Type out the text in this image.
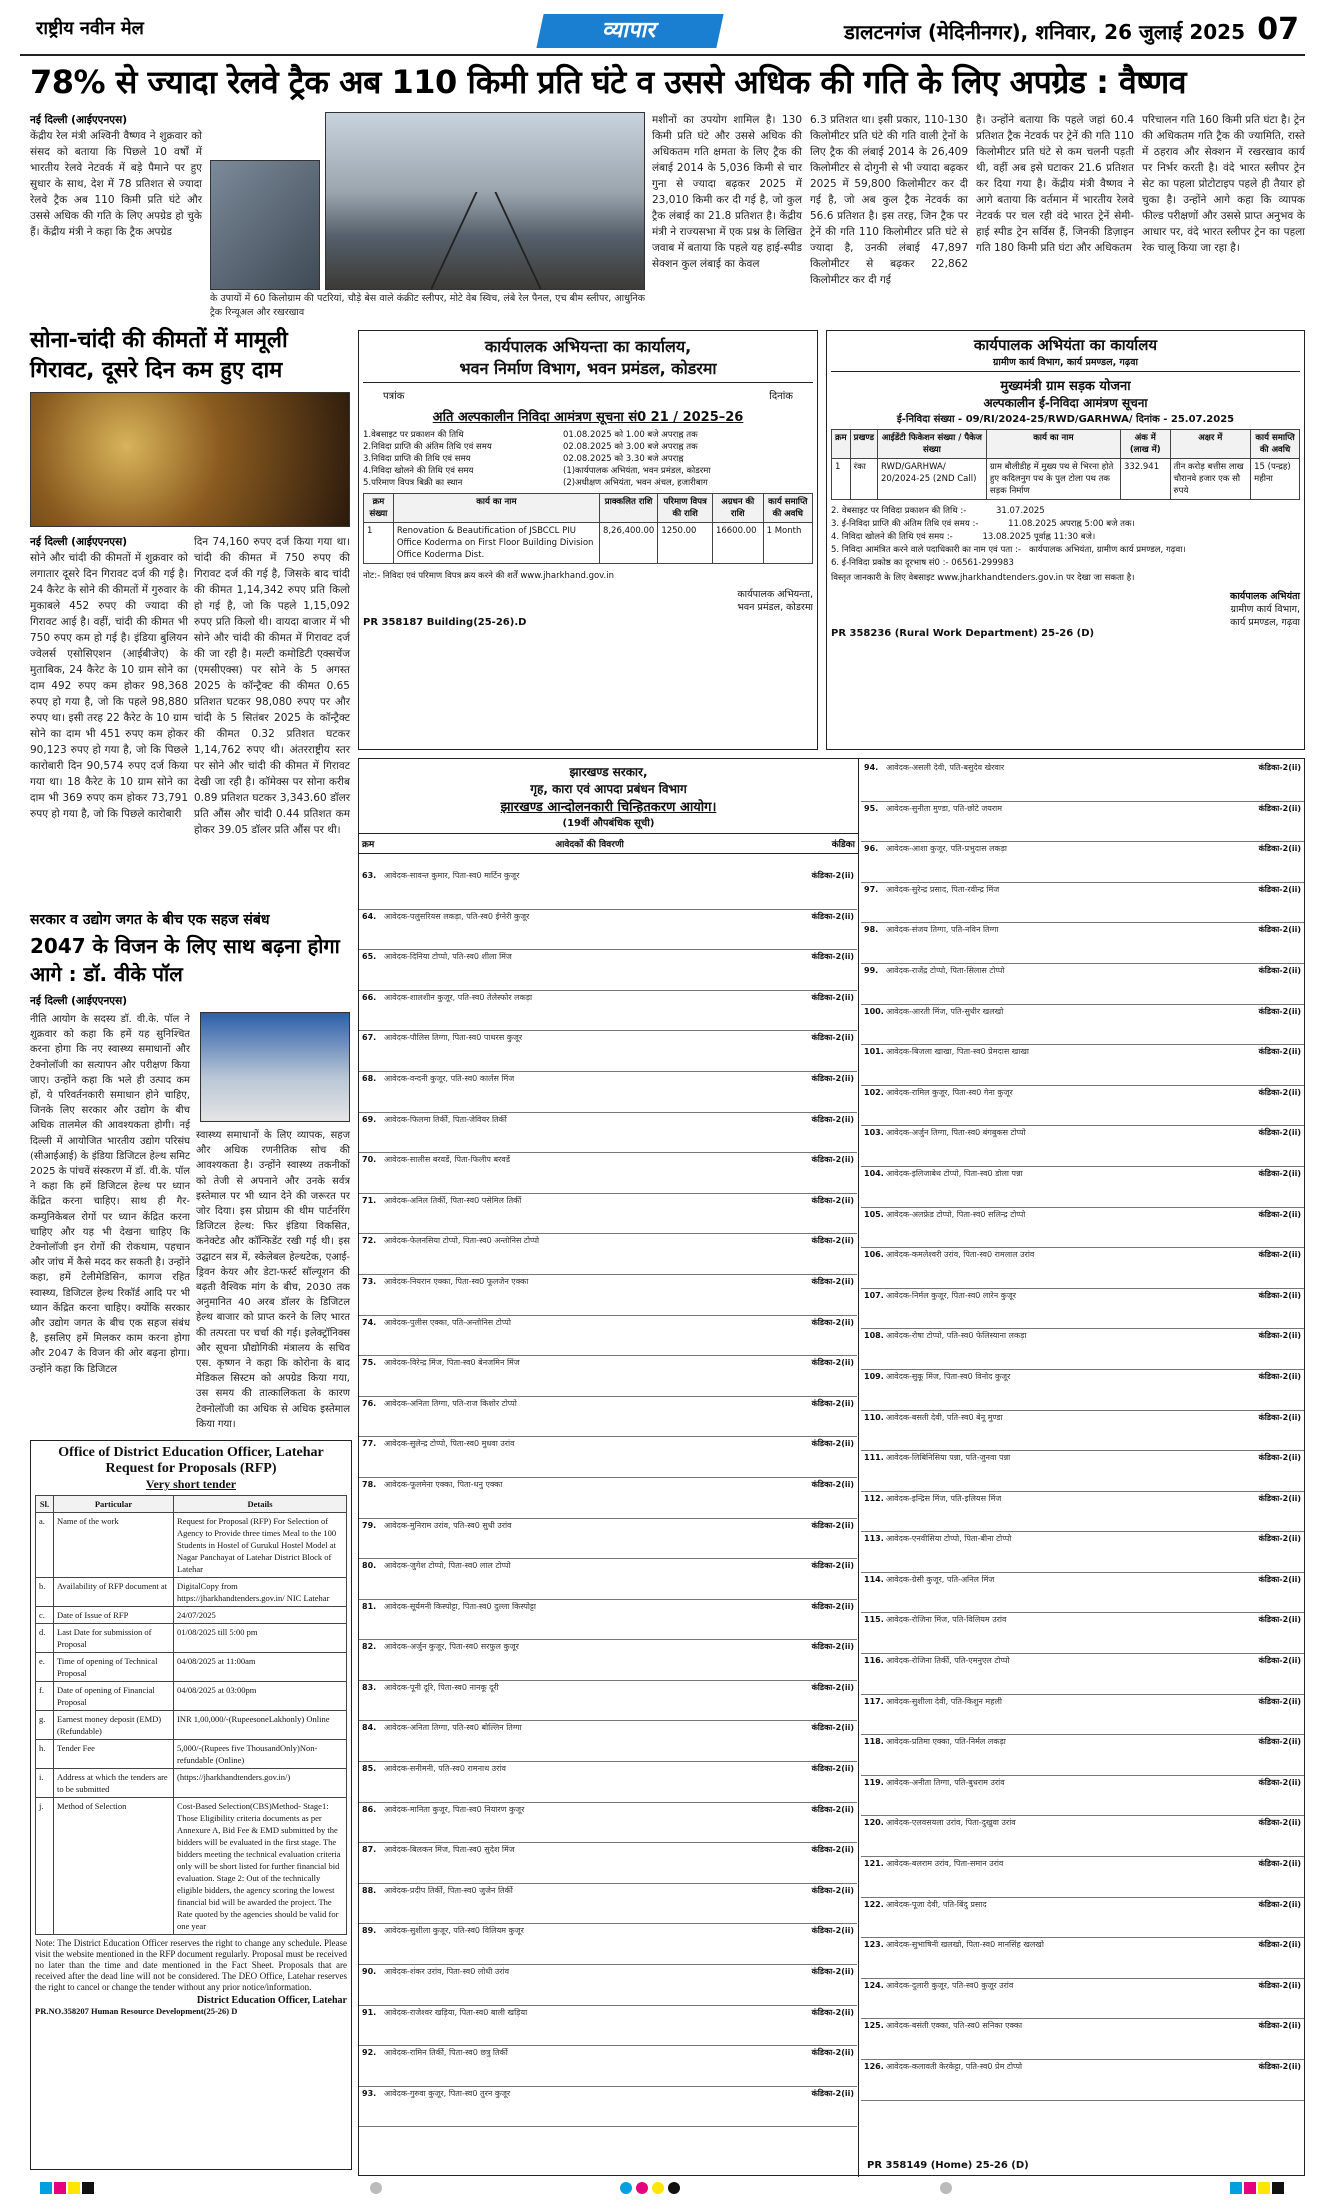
राष्ट्रीय नवीन मेल	व्यापार	डालटनगंज (मेदिनीनगर), शनिवार, 26 जुलाई 2025 07
78% से ज्यादा रेलवे ट्रैक अब 110 किमी प्रति घंटे व उससे अधिक की गति के लिए अपग्रेड : वैष्णव
नई दिल्ली (आईएएनएस)
केंद्रीय रेल मंत्री अश्विनी वैष्णव ने शुक्रवार को संसद को बताया कि पिछले 10 वर्षों में भारतीय रेलवे नेटवर्क में बड़े पैमाने पर हुए सुधार के साथ, देश में 78 प्रतिशत से ज्यादा रेलवे ट्रैक अब 110 किमी प्रति घंटे और उससे अधिक की गति के लिए अपग्रेड हो चुके हैं। केंद्रीय मंत्री ने कहा कि ट्रैक अपग्रेड
के उपायों में 60 किलोग्राम की पटरियां, चौड़े बेस वाले कंक्रीट स्लीपर, मोटे वेब स्विच, लंबे रेल पैनल, एच बीम स्लीपर, आधुनिक ट्रैक रिन्यूअल और रखरखाव
मशीनों का उपयोग शामिल है। 130 किमी प्रति घंटे और उससे अधिक की अधिकतम गति क्षमता के लिए ट्रैक की लंबाई 2014 के 5,036 किमी से चार गुना से ज्यादा बढ़कर 2025 में 23,010 किमी कर दी गई है, जो कुल ट्रैक लंबाई का 21.8 प्रतिशत है। केंद्रीय मंत्री ने राज्यसभा में एक प्रश्न के लिखित जवाब में बताया कि पहले यह हाई-स्पीड सेक्शन कुल लंबाई का केवल
6.3 प्रतिशत था। इसी प्रकार, 110-130 किलोमीटर प्रति घंटे की गति वाली ट्रेनों के लिए ट्रैक की लंबाई 2014 के 26,409 किलोमीटर से दोगुनी से भी ज्यादा बढ़कर 2025 में 59,800 किलोमीटर कर दी गई है, जो अब कुल ट्रैक नेटवर्क का 56.6 प्रतिशत है। इस तरह, जिन ट्रैक पर ट्रेनें की गति 110 किलोमीटर प्रति घंटे से ज्यादा है, उनकी लंबाई 47,897 किलोमीटर से बढ़कर 22,862 किलोमीटर कर दी गई
है। उन्होंने बताया कि पहले जहां 60.4 प्रतिशत ट्रैक नेटवर्क पर ट्रेनें की गति 110 किलोमीटर प्रति घंटे से कम चलनी पड़ती थी, वहीं अब इसे घटाकर 21.6 प्रतिशत कर दिया गया है। केंद्रीय मंत्री वैष्णव ने आगे बताया कि वर्तमान में भारतीय रेलवे नेटवर्क पर चल रही वंदे भारत ट्रेनें सेमी-हाई स्पीड ट्रेन सर्विस हैं, जिनकी डिज़ाइन गति 180 किमी प्रति घंटा और अधिकतम
परिचालन गति 160 किमी प्रति घंटा है। ट्रेन की अधिकतम गति ट्रैक की ज्यामिति, रास्ते में ठहराव और सेक्शन में रखरखाव कार्य पर निर्भर करती है। वंदे भारत स्लीपर ट्रेन सेट का पहला प्रोटोटाइप पहले ही तैयार हो चुका है। उन्होंने आगे कहा कि व्यापक फील्ड परीक्षणों और उससे प्राप्त अनुभव के आधार पर, वंदे भारत स्लीपर ट्रेन का पहला रेक चालू किया जा रहा है।
सोना-चांदी की कीमतों में मामूली गिरावट, दूसरे दिन कम हुए दाम
नई दिल्ली (आईएएनएस)
सोने और चांदी की कीमतों में शुक्रवार को लगातार दूसरे दिन गिरावट दर्ज की गई है। 24 कैरेट के सोने की कीमतों में गुरुवार के मुकाबले 452 रुपए की ज्यादा की गिरावट आई है। वहीं, चांदी की कीमत भी 750 रुपए कम हो गई है। इंडिया बुलियन ज्वेलर्स एसोसिएशन (आईबीजेए) के मुताबिक, 24 कैरेट के 10 ग्राम सोने का दाम 492 रुपए कम होकर 98,368 रुपए हो गया है, जो कि पहले 98,880 रुपए था। इसी तरह 22 कैरेट के 10 ग्राम सोने का दाम भी 451 रुपए कम होकर 90,123 रुपए हो गया है, जो कि पिछले कारोबारी दिन 90,574 रुपए दर्ज किया गया था। 18 कैरेट के 10 ग्राम सोने का दाम भी 369 रुपए कम होकर 73,791 रुपए हो गया है, जो कि पिछले कारोबारी
दिन 74,160 रुपए दर्ज किया गया था। चांदी की कीमत में 750 रुपए की गिरावट दर्ज की गई है, जिसके बाद चांदी की कीमत 1,14,342 रुपए प्रति किलो हो गई है, जो कि पहले 1,15,092 रुपए प्रति किलो थी। वायदा बाजार में भी सोने और चांदी की कीमत में गिरावट दर्ज की जा रही है। मल्टी कमोडिटी एक्सचेंज (एमसीएक्स) पर सोने के 5 अगस्त 2025 के कॉन्ट्रैक्ट की कीमत 0.65 प्रतिशत घटकर 98,080 रुपए पर और चांदी के 5 सितंबर 2025 के कॉन्ट्रैक्ट की कीमत 0.32 प्रतिशत घटकर 1,14,762 रुपए थी। अंतरराष्ट्रीय स्तर पर सोने और चांदी की कीमत में गिरावट देखी जा रही है। कॉमेक्स पर सोना करीब 0.89 प्रतिशत घटकर 3,343.60 डॉलर प्रति औंस और चांदी 0.44 प्रतिशत कम होकर 39.05 डॉलर प्रति औंस पर थी।
सरकार व उद्योग जगत के बीच एक सहज संबंध
2047 के विजन के लिए साथ बढ़ना होगा आगे : डॉ. वीके पॉल
नई दिल्ली (आईएएनएस)
नीति आयोग के सदस्य डॉ. वी.के. पॉल ने शुक्रवार को कहा कि हमें यह सुनिश्चित करना होगा कि नए स्वास्थ्य समाधानों और टेक्नोलॉजी का सत्यापन और परीक्षण किया जाए। उन्होंने कहा कि भले ही उत्पाद कम हों, ये परिवर्तनकारी समाधान होने चाहिए, जिनके लिए सरकार और उद्योग के बीच अधिक तालमेल की आवश्यकता होगी। नई दिल्ली में आयोजित भारतीय उद्योग परिसंघ (सीआईआई) के इंडिया डिजिटल हेल्थ समिट 2025 के पांचवें संस्करण में डॉ. वी.के. पॉल ने कहा कि हमें डिजिटल हेल्थ पर ध्यान केंद्रित करना चाहिए। साथ ही गैर-कम्युनिकेबल रोगों पर ध्यान केंद्रित करना चाहिए और यह भी देखना चाहिए कि टेक्नोलॉजी इन रोगों की रोकथाम, पहचान और जांच में कैसे मदद कर सकती है। उन्होंने कहा, हमें टेलीमेडिसिन, कागज रहित स्वास्थ्य, डिजिटल हेल्थ रिकॉर्ड आदि पर भी ध्यान केंद्रित करना चाहिए। क्योंकि सरकार और उद्योग जगत के बीच एक सहज संबंध है, इसलिए हमें मिलकर काम करना होगा और 2047 के विजन की ओर बढ़ना होगा। उन्होंने कहा कि डिजिटल
स्वास्थ्य समाधानों के लिए व्यापक, सहज और अधिक रणनीतिक सोच की आवश्यकता है। उन्होंने स्वास्थ्य तकनीकों को तेजी से अपनाने और उनके सर्वत्र इस्तेमाल पर भी ध्यान देने की जरूरत पर जोर दिया। इस प्रोग्राम की थीम पार्टनरिंग डिजिटल हेल्थ: फिर इंडिया विकसित, कनेक्टेड और कॉन्फिडेंट रखी गई थी। इस उद्घाटन सत्र में, स्केलेबल हेल्थटेक, एआई-ड्रिवन केयर और डेटा-फर्स्ट सॉल्यूशन की बढ़ती वैश्विक मांग के बीच, 2030 तक अनुमानित 40 अरब डॉलर के डिजिटल हेल्थ बाजार को प्राप्त करने के लिए भारत की तत्परता पर चर्चा की गई। इलेक्ट्रॉनिक्स और सूचना प्रौद्योगिकी मंत्रालय के सचिव एस. कृष्णन ने कहा कि कोरोना के बाद मेडिकल सिस्टम को अपग्रेड किया गया, उस समय की तात्कालिकता के कारण टेक्नोलॉजी का अधिक से अधिक इस्तेमाल किया गया।
Office of District Education Officer, Latehar
Request for Proposals (RFP)
Very short tender
Sl.	Particular	Details
a.	Name of the work	Request for Proposal (RFP) For Selection of Agency to Provide three times Meal to the 100 Students in Hostel of Gurukul Hostel Model at Nagar Panchayat of Latehar District Block of Latehar
b.	Availability of RFP document at	DigitalCopy from https://jharkhandtenders.gov.in/ NIC Latehar
c.	Date of Issue of RFP	24/07/2025
d.	Last Date for submission of Proposal	01/08/2025 till 5:00 pm
e.	Time of opening of Technical Proposal	04/08/2025 at 11:00am
f.	Date of opening of Financial Proposal	04/08/2025 at 03:00pm
g.	Earnest money deposit (EMD) (Refundable)	INR 1,00,000/-(RupeesoneLakhonly) Online
h.	Tender Fee	5,000/-(Rupees five ThousandOnly)Non-refundable (Online)
i.	Address at which the tenders are to be submitted	(https://jharkhandtenders.gov.in/)
j.	Method of Selection	Cost-Based Selection(CBS)Method- Stage1: Those Eligibility criteria documents as per Annexure A, Bid Fee & EMD submitted by the bidders will be evaluated in the first stage. The bidders meeting the technical evaluation criteria only will be short listed for further financial bid evaluation. Stage 2: Out of the technically eligible bidders, the agency scoring the lowest financial bid will be awarded the project. The Rate quoted by the agencies should be valid for one year
Note: The District Education Officer reserves the right to change any schedule. Please visit the website mentioned in the RFP document regularly. Proposal must be received no later than the time and date mentioned in the Fact Sheet. Proposals that are received after the dead line will not be considered. The DEO Office, Latehar reserves the right to cancel or change the tender without any prior notice/information.
District Education Officer, Latehar
PR.NO.358207 Human Resource Development(25-26) D
कार्यपालक अभियन्ता का कार्यालय,
भवन निर्माण विभाग, भवन प्रमंडल, कोडरमा
पत्रांक	दिनांक
अति अल्पकालीन निविदा आमंत्रण सूचना सं0 21 / 2025–26
1.वेबसाइट पर प्रकाशन की तिथि	01.08.2025 को 1.00 बजे अपराह्न तक
2.निविदा प्राप्ति की अंतिम तिथि एवं समय	02.08.2025 को 3.00 बजे अपराह्न तक
3.निविदा प्राप्ति की तिथि एवं समय	02.08.2025 को 3.30 बजे अपराह्न
4.निविदा खोलने की तिथि एवं समय	(1)कार्यपालक अभियंता, भवन प्रमंडल, कोडरमा
5.परिमाण विपत्र बिक्री का स्थान	(2)अधीक्षण अभियंता, भवन अंचल, हजारीबाग
क्रम संख्या	कार्य का नाम	प्राक्कलित राशि	परिमाण विपत्र की राशि	अग्रधन की राशि	कार्य समाप्ति की अवधि
1	Renovation & Beautification of JSBCCL PIU Office Koderma on First Floor Building Division Office Koderma Dist.	8,26,400.00	1250.00	16600.00	1 Month
नोट:- निविदा एवं परिमाण विपत्र क्रय करने की शर्तें www.jharkhand.gov.in
कार्यपालक अभियन्ता,
भवन प्रमंडल, कोडरमा
PR 358187 Building(25-26).D
कार्यपालक अभियंता का कार्यालय
ग्रामीण कार्य विभाग, कार्य प्रमण्डल, गढ़वा
मुख्यमंत्री ग्राम सड़क योजना
अल्पकालीन ई-निविदा आमंत्रण सूचना
ई-निविदा संख्या - 09/RI/2024-25/RWD/GARHWA/ दिनांक - 25.07.2025
क्रम	प्रखण्ड	आईडेंटी फिकेशन संख्या / पैकेज संख्या	कार्य का नाम	अंक में (लाख में)	अक्षर में	कार्य समाप्ति की अवधि
1	रंका	RWD/GARHWA/ 20/2024-25 (2ND Call)	ग्राम बौलीडीह में मुख्य पथ से भिरना होते हुए कदिलनुग पथ के पुल टोला पथ तक सड़क निर्माण	332.941	तीन करोड़ बत्तीस लाख चौरानवे हजार एक सौ रुपये	15 (पन्द्रह) महीना
2. वेबसाइट पर निविदा प्रकाशन की तिथि :-           31.07.2025
3. ई-निविदा प्राप्ति की अंतिम तिथि एवं समय :-           11.08.2025 अपराह्न 5:00 बजे तक।
4. निविदा खोलने की तिथि एवं समय :-           13.08.2025 पूर्वाह्न 11:30 बजे।
5. निविदा आमंत्रित करने वाले पदाधिकारी का नाम एवं पता :-   कार्यपालक अभियंता, ग्रामीण कार्य प्रमण्डल, गढ़वा।
6. ई-निविदा प्रकोष्ठ का दूरभाष सं0 :- 06561-299983
विस्तृत जानकारी के लिए वेबसाइट www.jharkhandtenders.gov.in पर देखा जा सकता है।
कार्यपालक अभियंता
ग्रामीण कार्य विभाग,
कार्य प्रमण्डल, गढ़वा
PR 358236 (Rural Work Department) 25-26 (D)
झारखण्ड सरकार,
गृह, कारा एवं आपदा प्रबंधन विभाग
झारखण्ड आन्दोलनकारी चिन्हितकरण आयोग।
(19वीं औपबंधिक सूची)
क्रम	आवेदकों की विवरणी	कंडिका
63. आवेदक-सावन्त कुमार, पिता-स्व0 मार्टिन कुजूर	कंडिका-2(ii)
64. आवेदक-पलुसरियस लकड़ा, पति-स्व0 ईग्नेरी कुजूर	कंडिका-2(ii)
65. आवेदक-दिनिया टोप्पो, पति-स्व0 शीला मिंज	कंडिका-2(ii)
66. आवेदक-शालशीन कुजूर, पति-स्व0 तेलेस्फोर लकड़ा	कंडिका-2(ii)
67. आवेदक-पौलिस तिग्गा, पिता-स्व0 पाथरस कुजूर	कंडिका-2(ii)
68. आवेदक-वन्दनी कुजूर, पति-स्व0 कार्लस मिंज	कंडिका-2(ii)
69. आवेदक-फिलमा तिर्की, पिता-जेवियर तिर्की	कंडिका-2(ii)
70. आवेदक-सालीस बरवर्डे, पिता-फिलीप बरवर्डे	कंडिका-2(ii)
71. आवेदक-अनिल तिर्की, पिता-स्व0 पसेमिल तिर्की	कंडिका-2(ii)
72. आवेदक-फेलनसिया टोप्पो, पिता-स्व0 अन्तोनिस टोप्पो	कंडिका-2(ii)
73. आवेदक-नियरान एक्का, पिता-स्व0 फूलजेन एक्का	कंडिका-2(ii)
74. आवेदक-पुलीस एक्का, पति-अन्तोनिस टोप्पो	कंडिका-2(ii)
75. आवेदक-विरेन्द्र मिंज, पिता-स्व0 बेनजमिन मिंज	कंडिका-2(ii)
76. आवेदक-अनिता तिग्गा, पति-राज किशोर टोप्पो	कंडिका-2(ii)
77. आवेदक-सुलेन्द्र टोप्पो, पिता-स्व0 मुधवा उरांव	कंडिका-2(ii)
78. आवेदक-फूलमेना एक्का, पिता-धनु एक्का	कंडिका-2(ii)
79. आवेदक-मुनिराम उरांव, पति-स्व0 सुधी उरांव	कंडिका-2(ii)
80. आवेदक-जुगेश टोप्पो, पिता-स्व0 लाल टोप्पो	कंडिका-2(ii)
81. आवेदक-सूर्यमनी किस्पोट्टा, पिता-स्व0 दुल्ला किस्पोट्टा	कंडिका-2(ii)
82. आवेदक-अर्जुन कुजूर, पिता-स्व0 सरफुल कुजूर	कंडिका-2(ii)
83. आवेदक-पूनी दूरि, पिता-स्व0 नानकू दूरी	कंडिका-2(ii)
84. आवेदक-अनिता तिग्गा, पति-स्व0 बोल्लिन तिग्गा	कंडिका-2(ii)
85. आवेदक-सनीमनी, पति-स्व0 रामनाथ उरांव	कंडिका-2(ii)
86. आवेदक-मानिता कुजूर, पिता-स्व0 नियारण कुजूर	कंडिका-2(ii)
87. आवेदक-बिलकन मिंज, पिता-स्व0 सुदेश मिंज	कंडिका-2(ii)
88. आवेदक-प्रदीप तिर्की, पिता-स्व0 जुजेन तिर्की	कंडिका-2(ii)
89. आवेदक-सुशीला कुजूर, पति-स्व0 विलियम कुजूर	कंडिका-2(ii)
90. आवेदक-शंकर उरांव, पिता-स्व0 लोधी उरांव	कंडिका-2(ii)
91. आवेदक-राजेश्वर खड़िया, पिता-स्व0 बाली खड़िया	कंडिका-2(ii)
92. आवेदक-रामिन तिर्की, पिता-स्व0 छत्रु तिर्की	कंडिका-2(ii)
93. आवेदक-गुरुवा कुजूर, पिता-स्व0 तुरन कुजूर	कंडिका-2(ii)
94. आवेदक-असली देवी, पति-बसुदेव खेरवार	कंडिका-2(ii)
95. आवेदक-सुनीता मुण्डा, पति-छोटे जयराम	कंडिका-2(ii)
96. आवेदक-आशा कुजूर, पति-प्रभुदास लकड़ा	कंडिका-2(ii)
97. आवेदक-सुरेन्द्र प्रसाद, पिता-रवीन्द्र मिंज	कंडिका-2(ii)
98. आवेदक-संजय तिग्गा, पति-नविन तिग्गा	कंडिका-2(ii)
99. आवेदक-राजेंद्र टोप्पो, पिता-सिलास टोप्पो	कंडिका-2(ii)
100. आवेदक-आरती मिंज, पति-सुधीर खलखो	कंडिका-2(ii)
101. आवेदक-बिजला खाखा, पिता-स्व0 प्रेमदास खाखा	कंडिका-2(ii)
102. आवेदक-रामिल कुजूर, पिता-स्व0 गेना कुजूर	कंडिका-2(ii)
103. आवेदक-अर्जुन तिग्गा, पिता-स्व0 बंगबुकस टोप्पो	कंडिका-2(ii)
104. आवेदक-इलिजाबेथ टोप्पो, पिता-स्व0 डोला पन्ना	कंडिका-2(ii)
105. आवेदक-अलफ्रेड टोप्पो, पिता-स्व0 सलिन्द्र टोप्पो	कंडिका-2(ii)
106. आवेदक-कमलेश्वरी उरांव, पिता-स्व0 रामलाल उरांव	कंडिका-2(ii)
107. आवेदक-निर्मल कुजूर, पिता-स्व0 लारेन कुजूर	कंडिका-2(ii)
108. आवेदक-रोषा टोप्पो, पति-स्व0 फेलिस्याना लकड़ा	कंडिका-2(ii)
109. आवेदक-सुकू मिंज, पिता-स्व0 विनोद कुजूर	कंडिका-2(ii)
110. आवेदक-बसती देवी, पति-स्व0 बेनू मुण्डा	कंडिका-2(ii)
111. आवेदक-लिबिनिसिया पन्ना, पति-जुनवा पन्ना	कंडिका-2(ii)
112. आवेदक-इन्द्रिस मिंज, पति-इलियस मिंज	कंडिका-2(ii)
113. आवेदक-एनवीसिया टोप्पो, पिता-बीना टोप्पो	कंडिका-2(ii)
114. आवेदक-ग्रेसी कुजूर, पति-अनिल मिंज	कंडिका-2(ii)
115. आवेदक-रोजिना मिंज, पति-विलियम उरांव	कंडिका-2(ii)
116. आवेदक-रोजिना तिर्की, पति-एमनुएल टोप्पो	कंडिका-2(ii)
117. आवेदक-सुशीला देवी, पति-किशुन महली	कंडिका-2(ii)
118. आवेदक-प्रतिमा एक्का, पति-निर्मल लकड़ा	कंडिका-2(ii)
119. आवेदक-अनीता तिग्गा, पति-बुधराम उरांव	कंडिका-2(ii)
120. आवेदक-एलवसयला उरांव, पिता-दुखुवा उरांव	कंडिका-2(ii)
121. आवेदक-बलराम उरांव, पिता-समान उरांव	कंडिका-2(ii)
122. आवेदक-पूजा देवी, पति-बिंदु प्रसाद	कंडिका-2(ii)
123. आवेदक-सुभाषिनी खलखो, पिता-स्व0 मानसिंह खलखो	कंडिका-2(ii)
124. आवेदक-दुलारी कुजूर, पति-स्व0 कुजूर उरांव	कंडिका-2(ii)
125. आवेदक-बसंती एक्का, पति-स्व0 सनिका एक्का	कंडिका-2(ii)
126. आवेदक-कलावती केरकेट्टा, पति-स्व0 प्रेम टोप्पो	कंडिका-2(ii)
PR 358149 (Home) 25-26 (D)
